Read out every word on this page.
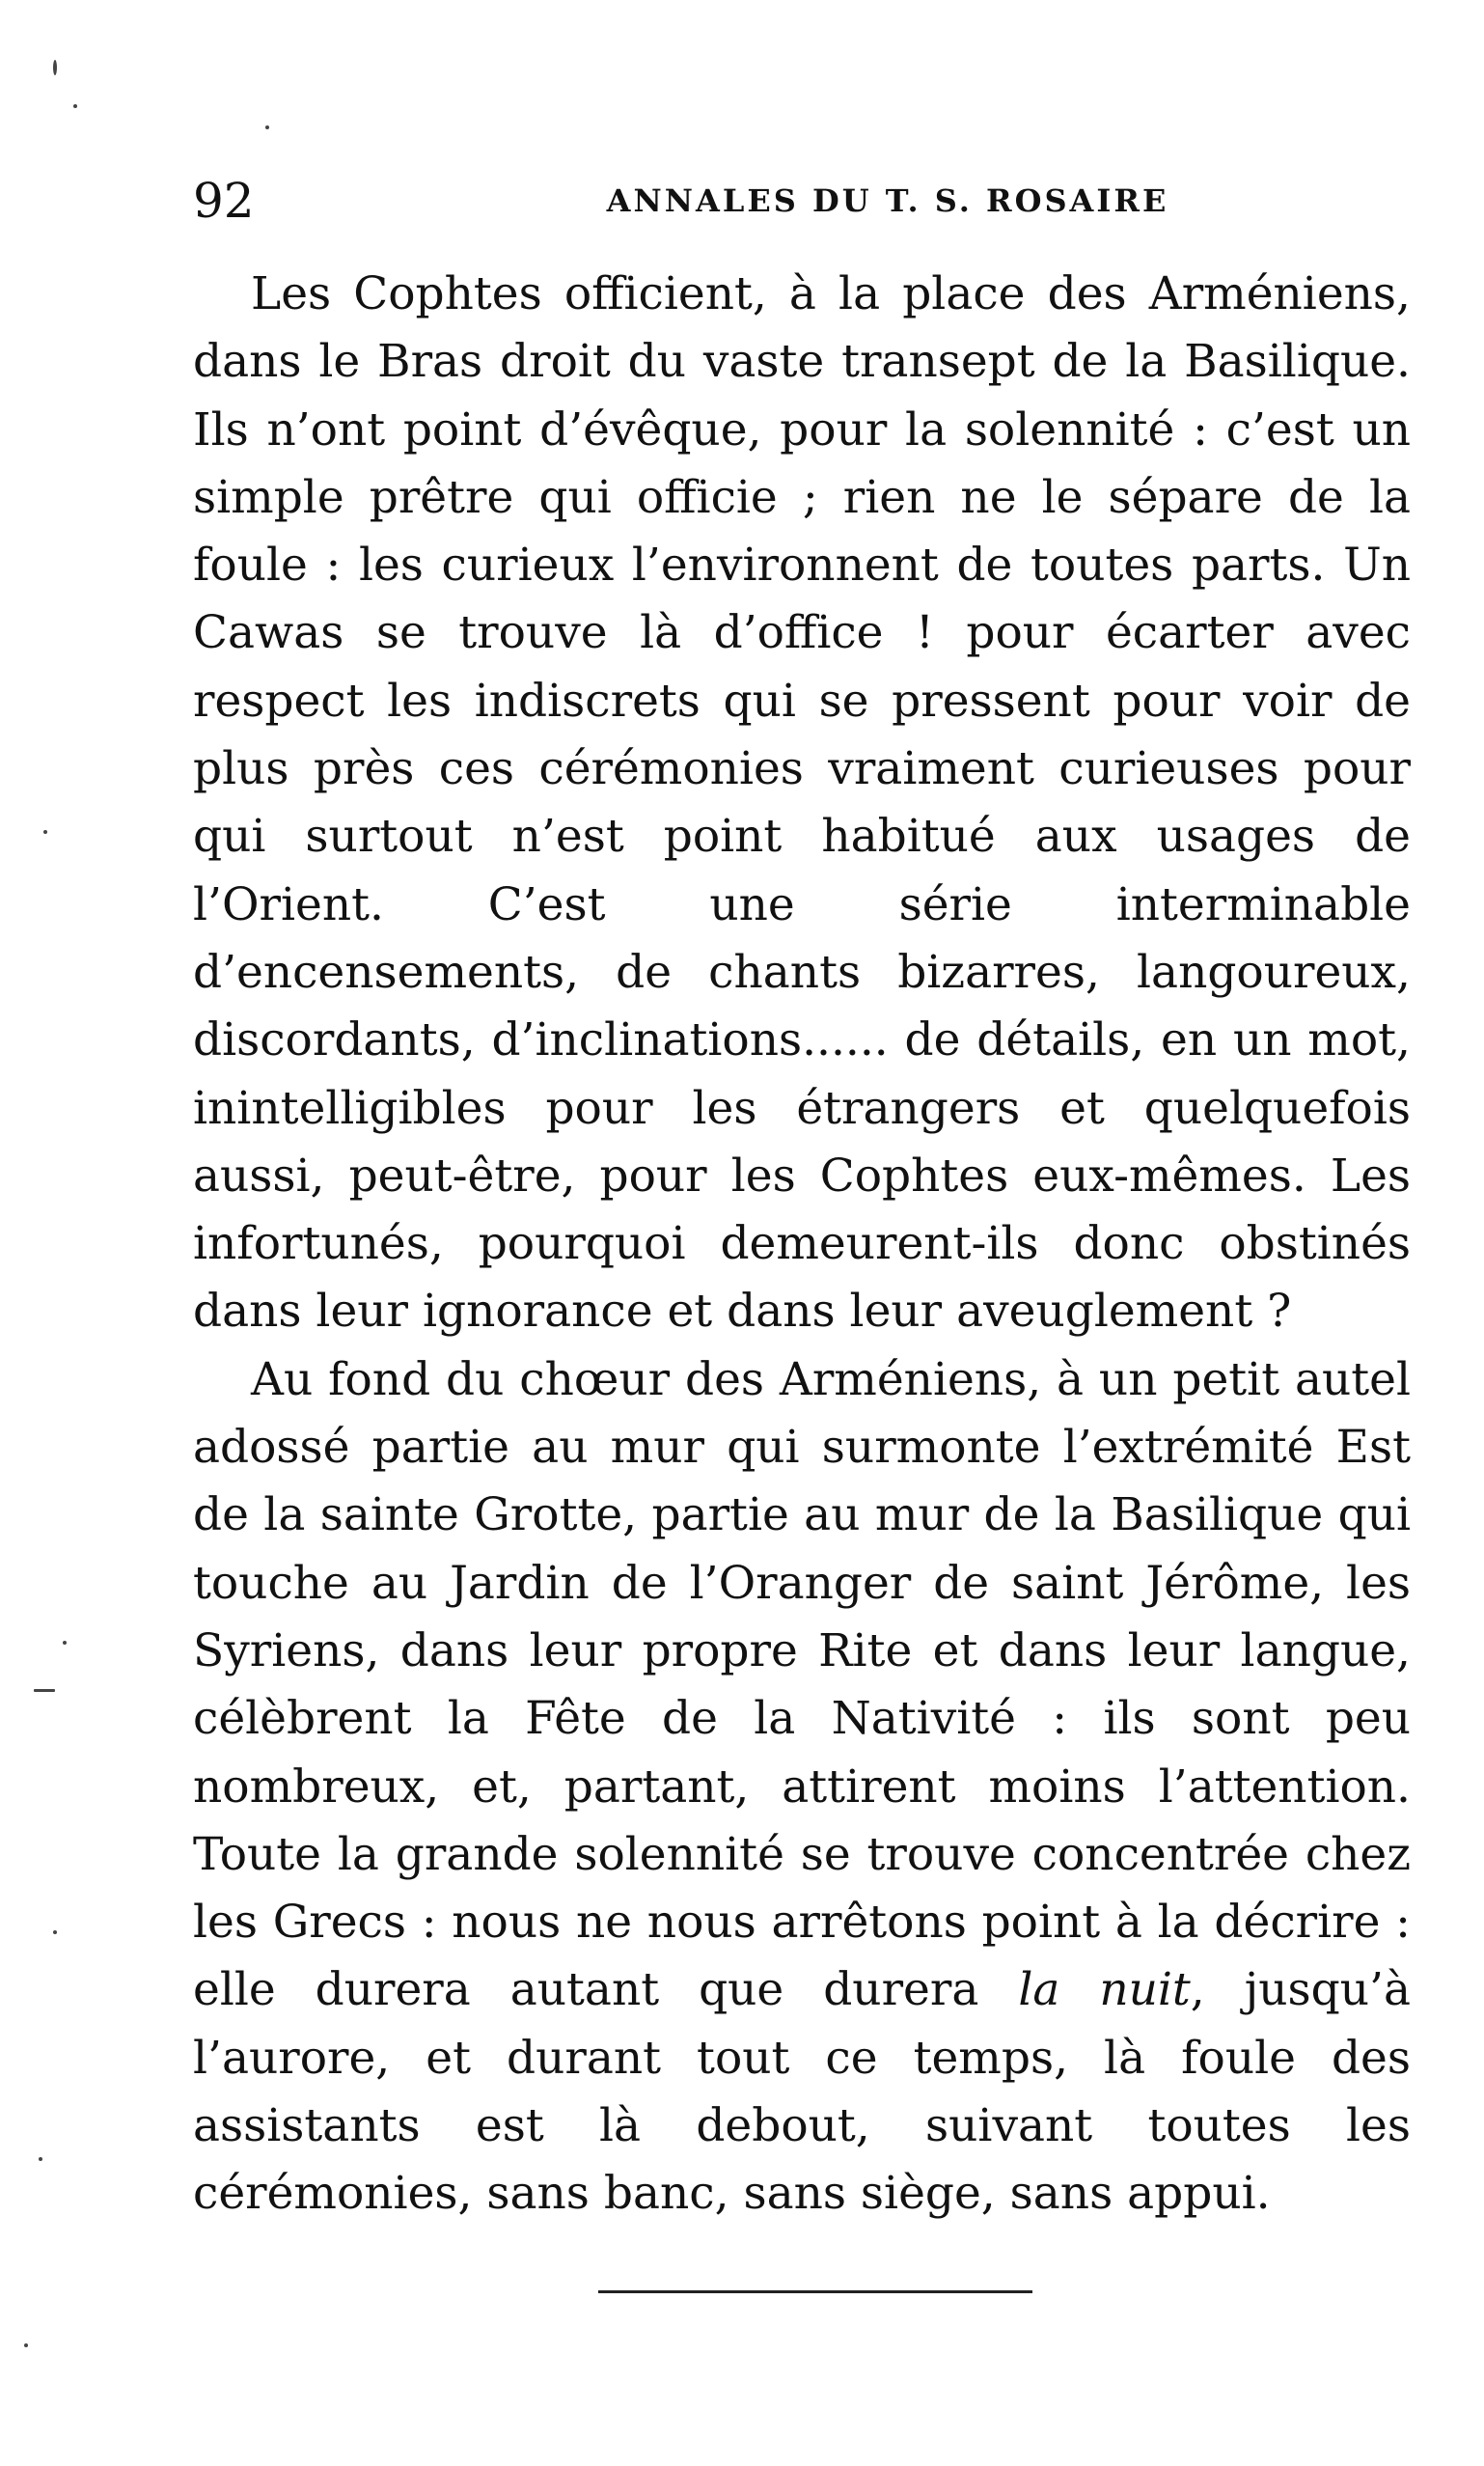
92	ANNALES DU T. S. ROSAIRE

Les Cophtes officient, à la place des Arméniens, dans le Bras droit du vaste transept de la Basilique. Ils n’ont point d’évêque, pour la solennité : c’est un simple prêtre qui officie ; rien ne le sépare de la foule : les curieux l’environnent de toutes parts. Un Cawas se trouve là d’office ! pour écarter avec respect les indiscrets qui se pressent pour voir de plus près ces cérémonies vraiment curieuses pour qui surtout n’est point habitué aux usages de l’Orient. C’est une série interminable d’encensements, de chants bizarres, langoureux, discordants, d’inclinations...... de détails, en un mot, inintelligibles pour les étrangers et quelquefois aussi, peut-être, pour les Cophtes eux-mêmes. Les infortunés, pourquoi demeurent-ils donc obstinés dans leur ignorance et dans leur aveuglement ?

Au fond du chœur des Arméniens, à un petit autel adossé partie au mur qui surmonte l’extrémité Est de la sainte Grotte, partie au mur de la Basilique qui touche au Jardin de l’Oranger de saint Jérôme, les Syriens, dans leur propre Rite et dans leur langue, célèbrent la Fête de la Nativité : ils sont peu nombreux, et, partant, attirent moins l’attention. Toute la grande solennité se trouve concentrée chez les Grecs : nous ne nous arrêtons point à la décrire : elle durera autant que durera la nuit, jusqu’à l’aurore, et durant tout ce temps, là foule des assistants est là debout, suivant toutes les cérémonies, sans banc, sans siège, sans appui.
